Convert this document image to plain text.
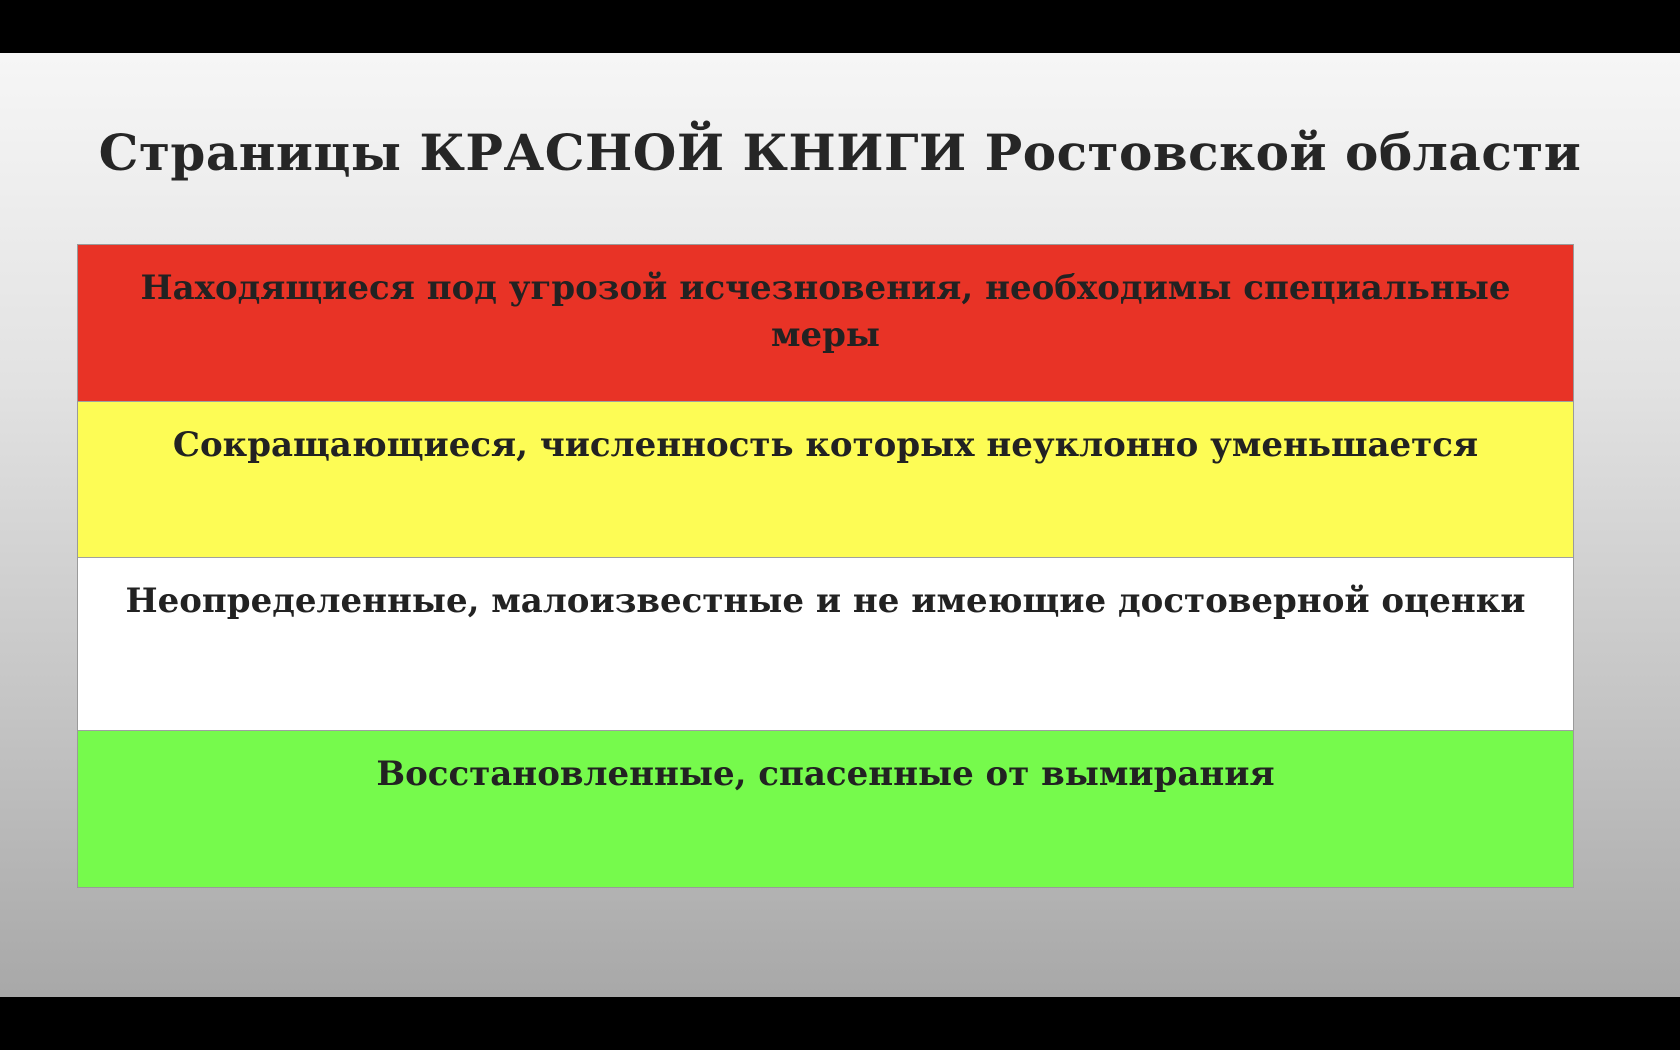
Страницы КРАСНОЙ КНИГИ Ростовской области
Находящиеся под угрозой исчезновения, необходимы специальные меры
Сокращающиеся, численность которых неуклонно уменьшается
Неопределенные, малоизвестные и не имеющие достоверной оценки
Восстановленные, спасенные от вымирания
